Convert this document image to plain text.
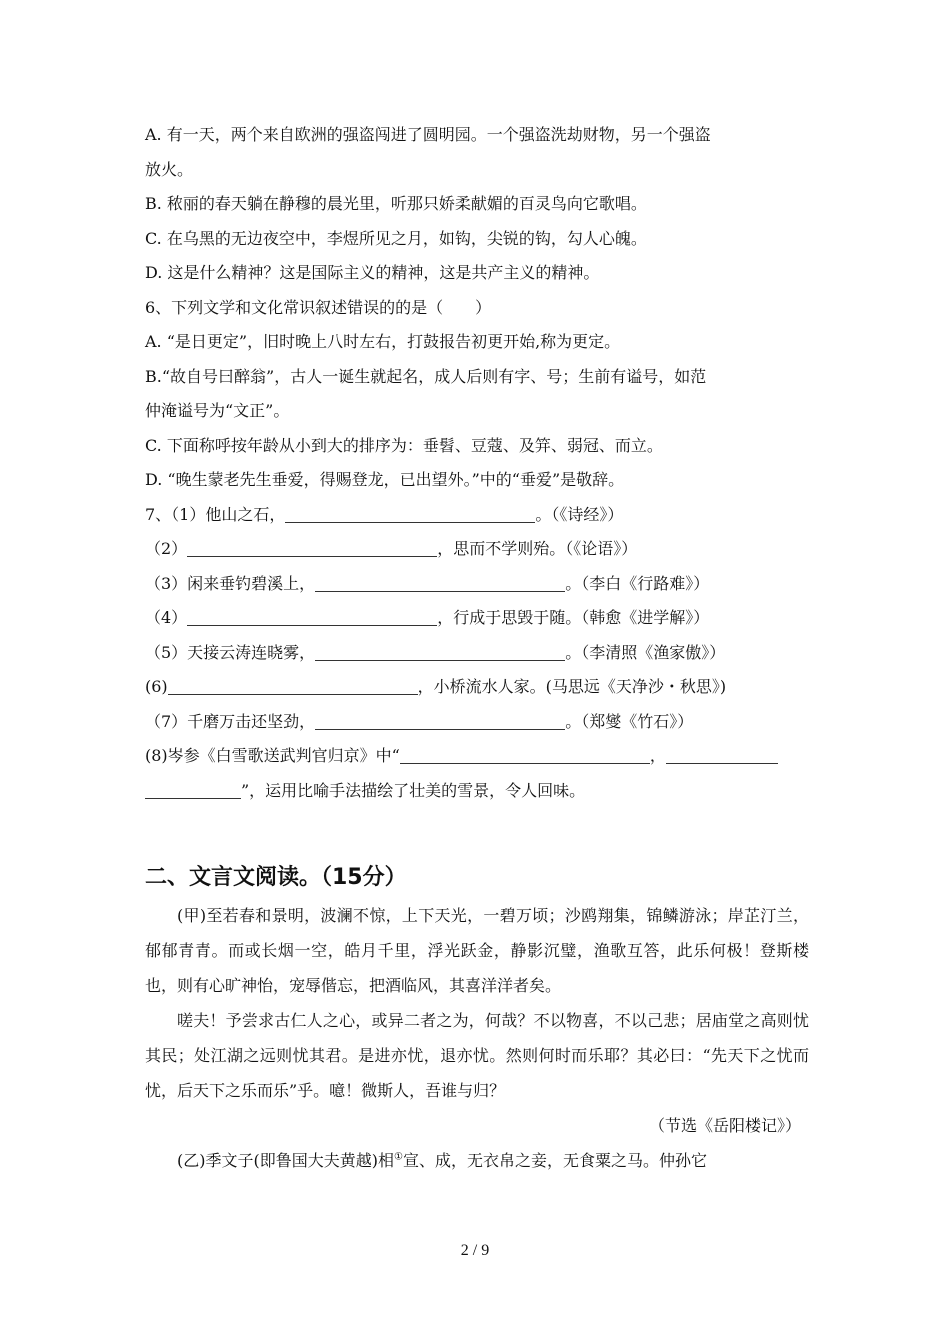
A. 有一天，两个来自欧洲的强盗闯进了圆明园。一个强盗洗劫财物，另一个强盗
放火。
B. 秾丽的春天躺在静穆的晨光里，听那只娇柔献媚的百灵鸟向它歌唱。
C. 在乌黑的无边夜空中，李煜所见之月，如钩，尖锐的钩，勾人心魄。
D. 这是什么精神？这是国际主义的精神，这是共产主义的精神。
6、下列文学和文化常识叙述错误的的是（　　）
A. “是日更定”，旧时晚上八时左右，打鼓报告初更开始,称为更定。
B.“故自号曰醉翁”，古人一诞生就起名，成人后则有字、号；生前有谥号，如范
仲淹谥号为“文正”。
C. 下面称呼按年龄从小到大的排序为：垂髫、豆蔻、及笄、弱冠、而立。
D. “晚生蒙老先生垂爱，得赐登龙，已出望外。”中的“垂爱”是敬辞。
7、（1）他山之石，	。（《诗经》）
（2）	，思而不学则殆。（《论语》）
（3）闲来垂钓碧溪上，	。（李白《行路难》）
（4）	，行成于思毁于随。（韩愈《进学解》）
（5）天接云涛连晓雾，	。（李清照《渔家傲》）
(6)	，小桥流水人家。(马思远《天净沙・秋思》)
（7）千磨万击还坚劲，	。（郑燮《竹石》）
(8)岑参《白雪歌送武判官归京》中“	，
”，运用比喻手法描绘了壮美的雪景，令人回味。
二、文言文阅读。（15分）

(甲)至若春和景明，波澜不惊，上下天光，一碧万顷；沙鸥翔集，锦鳞游泳；岸芷汀兰，郁郁青青。而或长烟一空，皓月千里，浮光跃金，静影沉璧，渔歌互答，此乐何极！登斯楼也，则有心旷神怡，宠辱偕忘，把酒临风，其喜洋洋者矣。

嗟夫！予尝求古仁人之心，或异二者之为，何哉？不以物喜，不以己悲；居庙堂之高则忧其民；处江湖之远则忧其君。是进亦忧，退亦忧。然则何时而乐耶？其必曰：“先天下之忧而忧，后天下之乐而乐”乎。噫！微斯人，吾谁与归？

（节选《岳阳楼记》）

(乙)季文子(即鲁国大夫黄越)相①宣、成，无衣帛之妾，无食粟之马。仲孙它

2 / 9
